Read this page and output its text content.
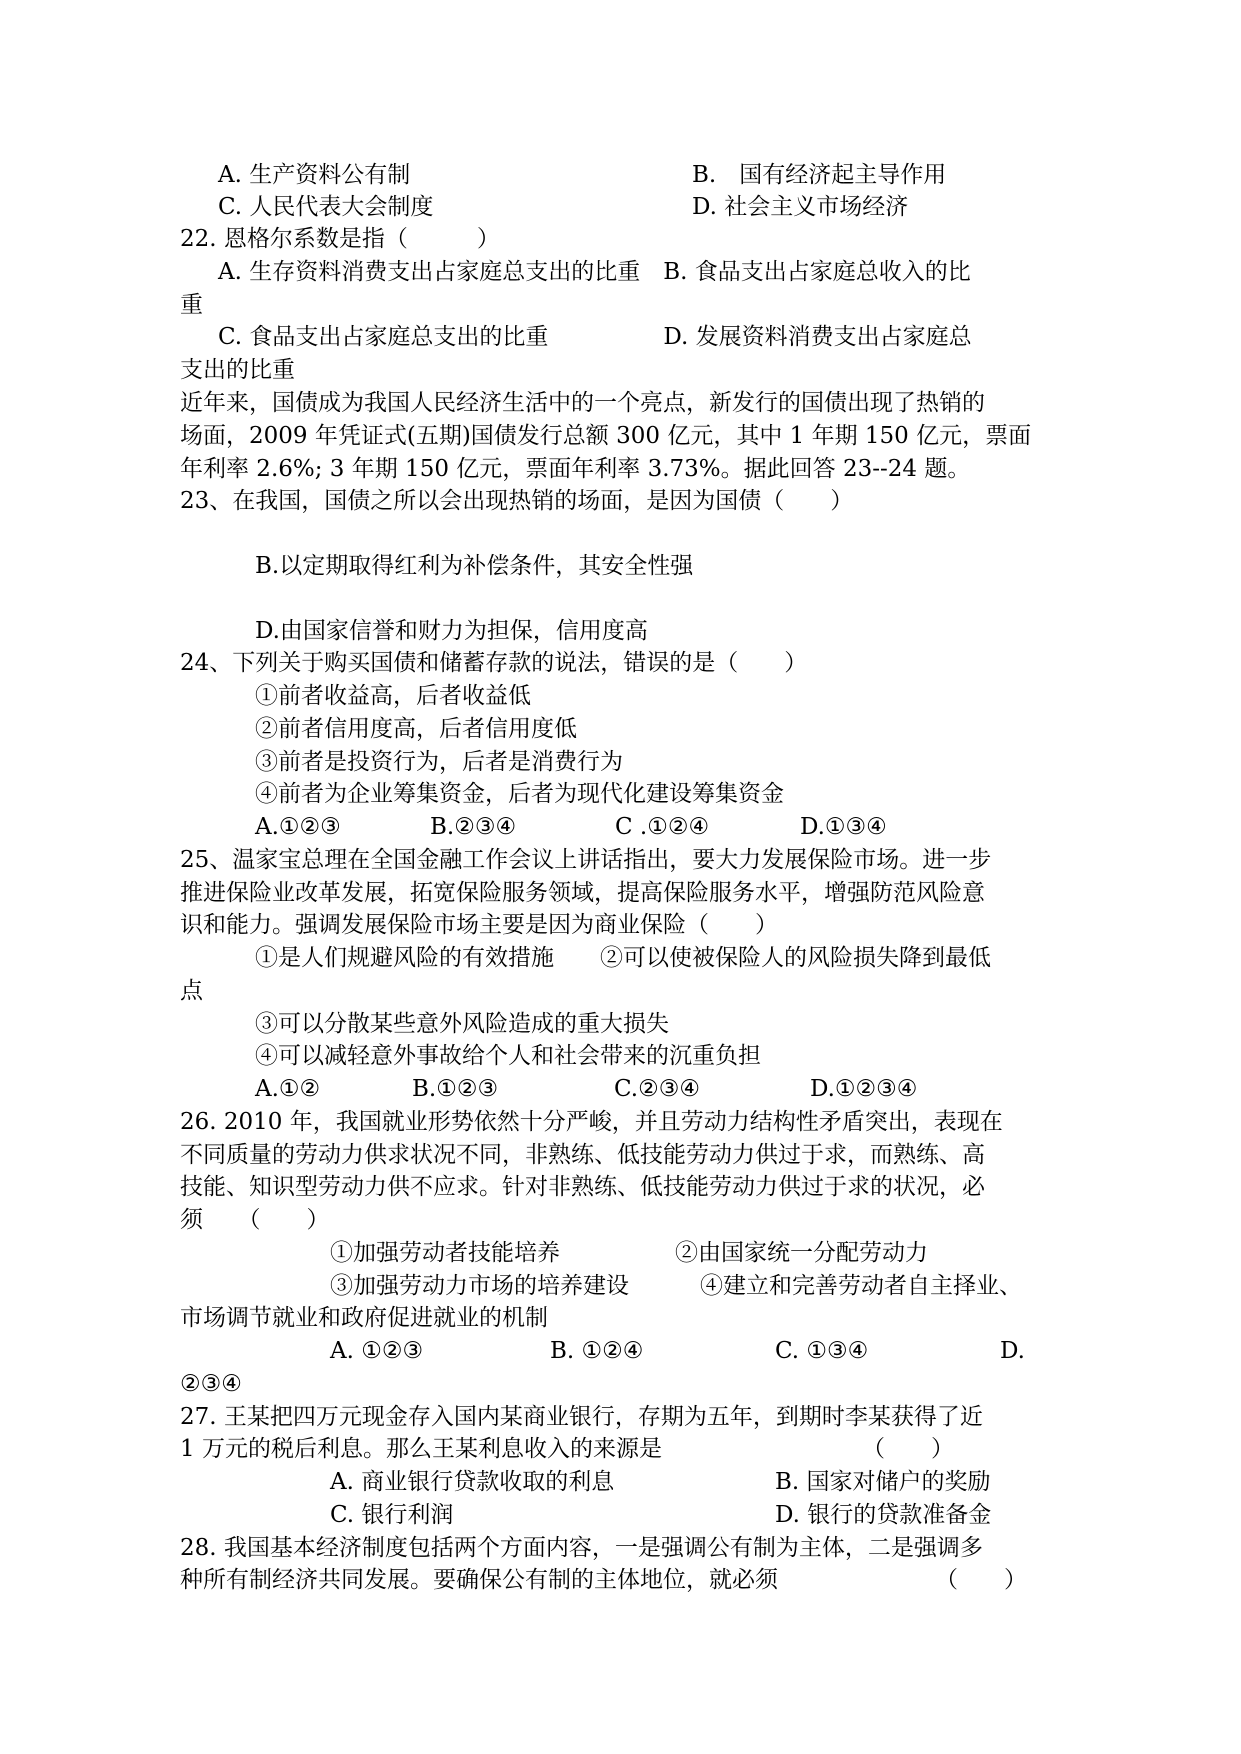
A. 生产资料公有制	B.　国有经济起主导作用
C. 人民代表大会制度	D. 社会主义市场经济
22. 恩格尔系数是指（　　　）
A. 生存资料消费支出占家庭总支出的比重　B. 食品支出占家庭总收入的比
重
C. 食品支出占家庭总支出的比重　　　　　D. 发展资料消费支出占家庭总
支出的比重
近年来，国债成为我国人民经济生活中的一个亮点，新发行的国债出现了热销的
场面，2009 年凭证式(五期)国债发行总额 300 亿元，其中 1 年期 150 亿元，票面
年利率 2.6%; 3 年期 150 亿元，票面年利率 3.73%。据此回答 23--24 题。
23、在我国，国债之所以会出现热销的场面，是因为国债（　　）
B.以定期取得红利为补偿条件，其安全性强
D.由国家信誉和财力为担保，信用度高
24、下列关于购买国债和储蓄存款的说法，错误的是（　　）
①前者收益高，后者收益低
②前者信用度高，后者信用度低
③前者是投资行为，后者是消费行为
④前者为企业筹集资金，后者为现代化建设筹集资金
A.①②③	B.②③④	C .①②④	D.①③④
25、温家宝总理在全国金融工作会议上讲话指出，要大力发展保险市场。进一步
推进保险业改革发展，拓宽保险服务领域，提高保险服务水平，增强防范风险意
识和能力。强调发展保险市场主要是因为商业保险（　　）
①是人们规避风险的有效措施　　②可以使被保险人的风险损失降到最低
点
③可以分散某些意外风险造成的重大损失
④可以减轻意外事故给个人和社会带来的沉重负担
A.①②	B.①②③	C.②③④	D.①②③④
26. 2010 年，我国就业形势依然十分严峻，并且劳动力结构性矛盾突出，表现在
不同质量的劳动力供求状况不同，非熟练、低技能劳动力供过于求，而熟练、高
技能、知识型劳动力供不应求。针对非熟练、低技能劳动力供过于求的状况，必
须　　（　　）
①加强劳动者技能培养	②由国家统一分配劳动力
③加强劳动力市场的培养建设	④建立和完善劳动者自主择业、
市场调节就业和政府促进就业的机制
A. ①②③	B. ①②④	C. ①③④	D.
②③④
27. 王某把四万元现金存入国内某商业银行，存期为五年，到期时李某获得了近
1 万元的税后利息。那么王某利息收入的来源是	（　　）
A. 商业银行贷款收取的利息	B. 国家对储户的奖励
C. 银行利润	D. 银行的贷款准备金
28. 我国基本经济制度包括两个方面内容，一是强调公有制为主体，二是强调多
种所有制经济共同发展。要确保公有制的主体地位，就必须	（　　）
